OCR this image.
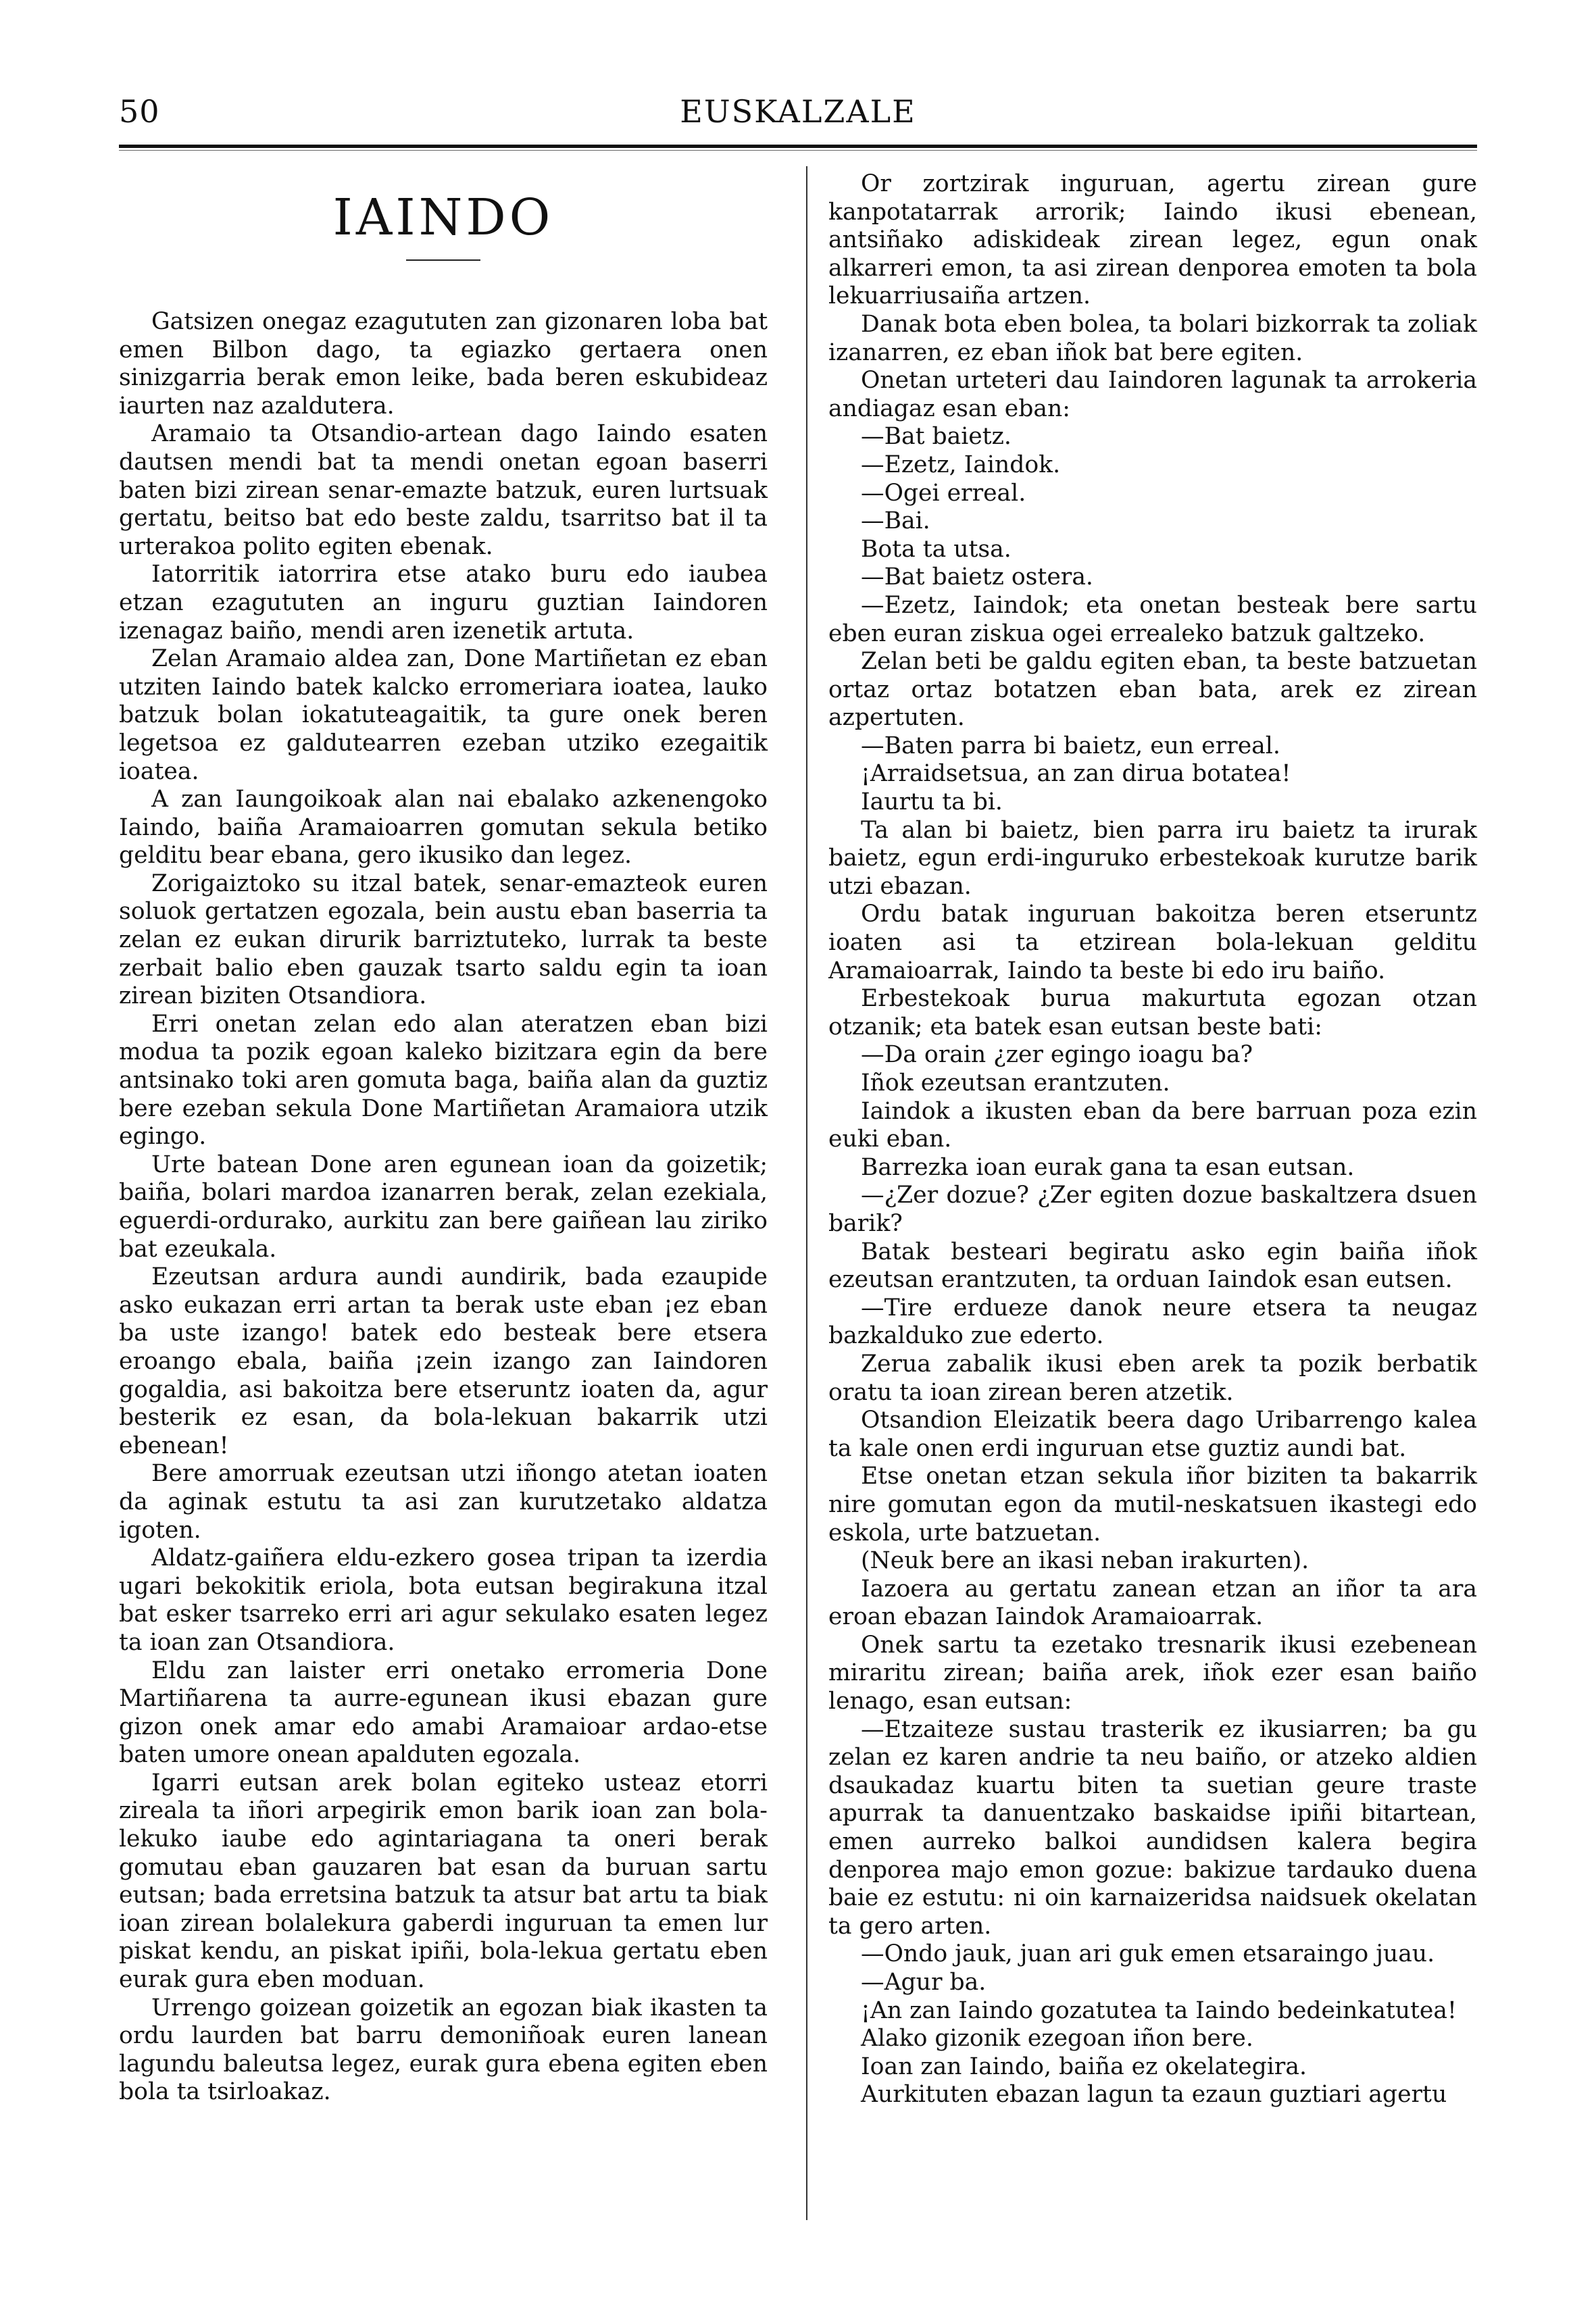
50	EUSKALZALE
IAINDO

Gatsizen onegaz ezagututen zan gizonaren loba bat emen Bilbon dago, ta egiazko gertaera onen sinizgarria berak emon leike, bada beren eskubideaz iaurten naz azaldutera.

Aramaio ta Otsandio-artean dago Iaindo esaten dautsen mendi bat ta mendi onetan egoan baserri baten bizi zirean senar-emazte batzuk, euren lurtsuak gertatu, beitso bat edo beste zaldu, tsarritso bat il ta urterakoa polito egiten ebenak.

Iatorritik iatorrira etse atako buru edo iaubea etzan ezagututen an inguru guztian Iaindoren izenagaz baiño, mendi aren izenetik artuta.

Zelan Aramaio aldea zan, Done Martiñetan ez eban utziten Iaindo batek kalcko erromeriara ioatea, lauko batzuk bolan iokatuteagaitik, ta gure onek beren legetsoa ez galdutearren ezeban utziko ezegaitik ioatea.

A zan Iaungoikoak alan nai ebalako azkenengoko Iaindo, baiña Aramaioarren gomutan sekula betiko gelditu bear ebana, gero ikusiko dan legez.

Zorigaiztoko su itzal batek, senar-emazteok euren soluok gertatzen egozala, bein austu eban baserria ta zelan ez eukan dirurik barriztuteko, lurrak ta beste zerbait balio eben gauzak tsarto saldu egin ta ioan zirean biziten Otsandiora.

Erri onetan zelan edo alan ateratzen eban bizi modua ta pozik egoan kaleko bizitzara egin da bere antsinako toki aren gomuta baga, baiña alan da guztiz bere ezeban sekula Done Martiñetan Aramaiora utzik egingo.

Urte batean Done aren egunean ioan da goizetik; baiña, bolari mardoa izanarren berak, zelan ezekiala, eguerdi-ordurako, aurkitu zan bere gaiñean lau ziriko bat ezeukala.

Ezeutsan ardura aundi aundirik, bada ezaupide asko eukazan erri artan ta berak uste eban ¡ez eban ba uste izango! batek edo besteak bere etsera eroango ebala, baiña ¡zein izango zan Iaindoren gogaldia, asi bakoitza bere etseruntz ioaten da, agur besterik ez esan, da bola-lekuan bakarrik utzi ebenean!

Bere amorruak ezeutsan utzi iñongo atetan ioaten da aginak estutu ta asi zan kurutzetako aldatza igoten.

Aldatz-gaiñera eldu-ezkero gosea tripan ta izerdia ugari bekokitik eriola, bota eutsan begirakuna itzal bat esker tsarreko erri ari agur sekulako esaten legez ta ioan zan Otsandiora.

Eldu zan laister erri onetako erromeria Done Martiñarena ta aurre-egunean ikusi ebazan gure gizon onek amar edo amabi Aramaioar ardao-etse baten umore onean apalduten egozala.

Igarri eutsan arek bolan egiteko usteaz etorri zireala ta iñori arpegirik emon barik ioan zan bola-lekuko iaube edo agintariagana ta oneri berak gomutau eban gauzaren bat esan da buruan sartu eutsan; bada erretsina batzuk ta atsur bat artu ta biak ioan zirean bolalekura gaberdi inguruan ta emen lur piskat kendu, an piskat ipiñi, bola-lekua gertatu eben eurak gura eben moduan.

Urrengo goizean goizetik an egozan biak ikasten ta ordu laurden bat barru demoniñoak euren lanean lagundu baleutsa legez, eurak gura ebena egiten eben bola ta tsirloakaz.

Or zortzirak inguruan, agertu zirean gure kanpotatarrak arrorik; Iaindo ikusi ebenean, antsiñako adiskideak zirean legez, egun onak alkarreri emon, ta asi zirean denporea emoten ta bola lekuarriusaiña artzen.

Danak bota eben bolea, ta bolari bizkorrak ta zoliak izanarren, ez eban iñok bat bere egiten.

Onetan urteteri dau Iaindoren lagunak ta arrokeria andiagaz esan eban:

—Bat baietz.

—Ezetz, Iaindok.

—Ogei erreal.

—Bai.

Bota ta utsa.

—Bat baietz ostera.

—Ezetz, Iaindok; eta onetan besteak bere sartu eben euran ziskua ogei errealeko batzuk galtzeko.

Zelan beti be galdu egiten eban, ta beste batzuetan ortaz ortaz botatzen eban bata, arek ez zirean azpertuten.

—Baten parra bi baietz, eun erreal.

¡Arraidsetsua, an zan dirua botatea!

Iaurtu ta bi.

Ta alan bi baietz, bien parra iru baietz ta irurak baietz, egun erdi-inguruko erbestekoak kurutze barik utzi ebazan.

Ordu batak inguruan bakoitza beren etseruntz ioaten asi ta etzirean bola-lekuan gelditu Aramaioarrak, Iaindo ta beste bi edo iru baiño.

Erbestekoak burua makurtuta egozan otzan otzanik; eta batek esan eutsan beste bati:

—Da orain ¿zer egingo ioagu ba?

Iñok ezeutsan erantzuten.

Iaindok a ikusten eban da bere barruan poza ezin euki eban.

Barrezka ioan eurak gana ta esan eutsan.

—¿Zer dozue? ¿Zer egiten dozue baskaltzera dsuen barik?

Batak besteari begiratu asko egin baiña iñok ezeutsan erantzuten, ta orduan Iaindok esan eutsen.

—Tire erdueze danok neure etsera ta neugaz bazkalduko zue ederto.

Zerua zabalik ikusi eben arek ta pozik berbatik oratu ta ioan zirean beren atzetik.

Otsandion Eleizatik beera dago Uribarrengo kalea ta kale onen erdi inguruan etse guztiz aundi bat.

Etse onetan etzan sekula iñor biziten ta bakarrik nire gomutan egon da mutil-neskatsuen ikastegi edo eskola, urte batzuetan.

(Neuk bere an ikasi neban irakurten).

Iazoera au gertatu zanean etzan an iñor ta ara eroan ebazan Iaindok Aramaioarrak.

Onek sartu ta ezetako tresnarik ikusi ezebenean miraritu zirean; baiña arek, iñok ezer esan baiño lenago, esan eutsan:

—Etzaiteze sustau trasterik ez ikusiarren; ba gu zelan ez karen andrie ta neu baiño, or atzeko aldien dsaukadaz kuartu biten ta suetian geure traste apurrak ta danuentzako baskaidse ipiñi bitartean, emen aurreko balkoi aundidsen kalera begira denporea majo emon gozue: bakizue tardauko duena baie ez estutu: ni oin karnaizeridsa naidsuek okelatan ta gero arten.

—Ondo jauk, juan ari guk emen etsaraingo juau.

—Agur ba.

¡An zan Iaindo gozatutea ta Iaindo bedeinkatutea!

Alako gizonik ezegoan iñon bere.

Ioan zan Iaindo, baiña ez okelategira.

Aurkituten ebazan lagun ta ezaun guztiari agertu
